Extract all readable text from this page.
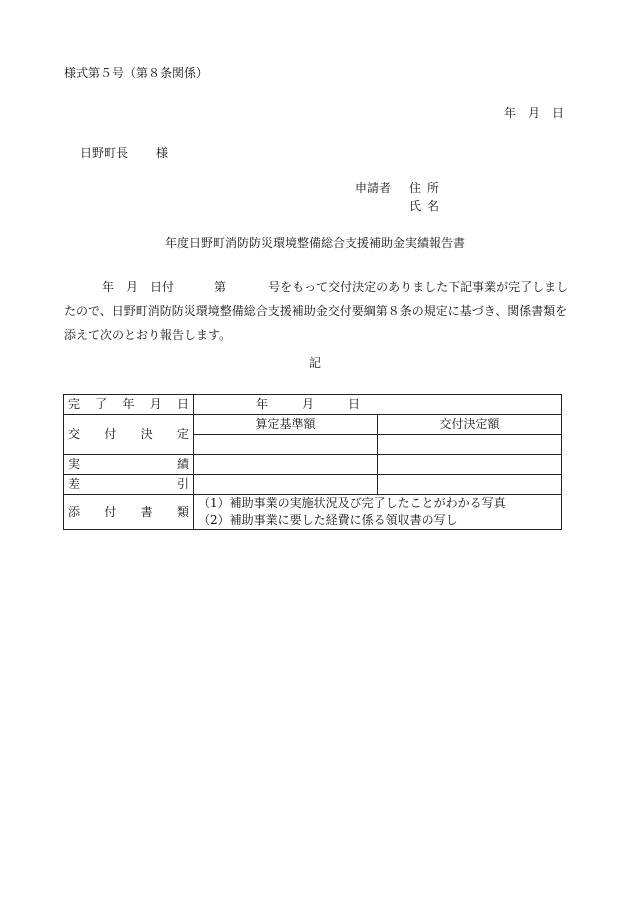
様式第５号（第８条関係）
年　月　日
日野町長 様
申請者 住所
氏名
年度日野町消防防災環境整備総合支援補助金実績報告書
年 月 日付	第	号をもって交付決定のありました下記事業が完了しましたので、日野町消防防災環境整備総合支援補助金交付要綱第８条の規定に基づき、関係書類を添えて次のとおり報告します。
記
完了年月日	年 月 日	
交付決定	算定基準額	交付決定額

実績		
差引		
添付書類	（1）補助事業の実施状況及び完了したことがわかる写真
（2）補助事業に要した経費に係る領収書の写し	
